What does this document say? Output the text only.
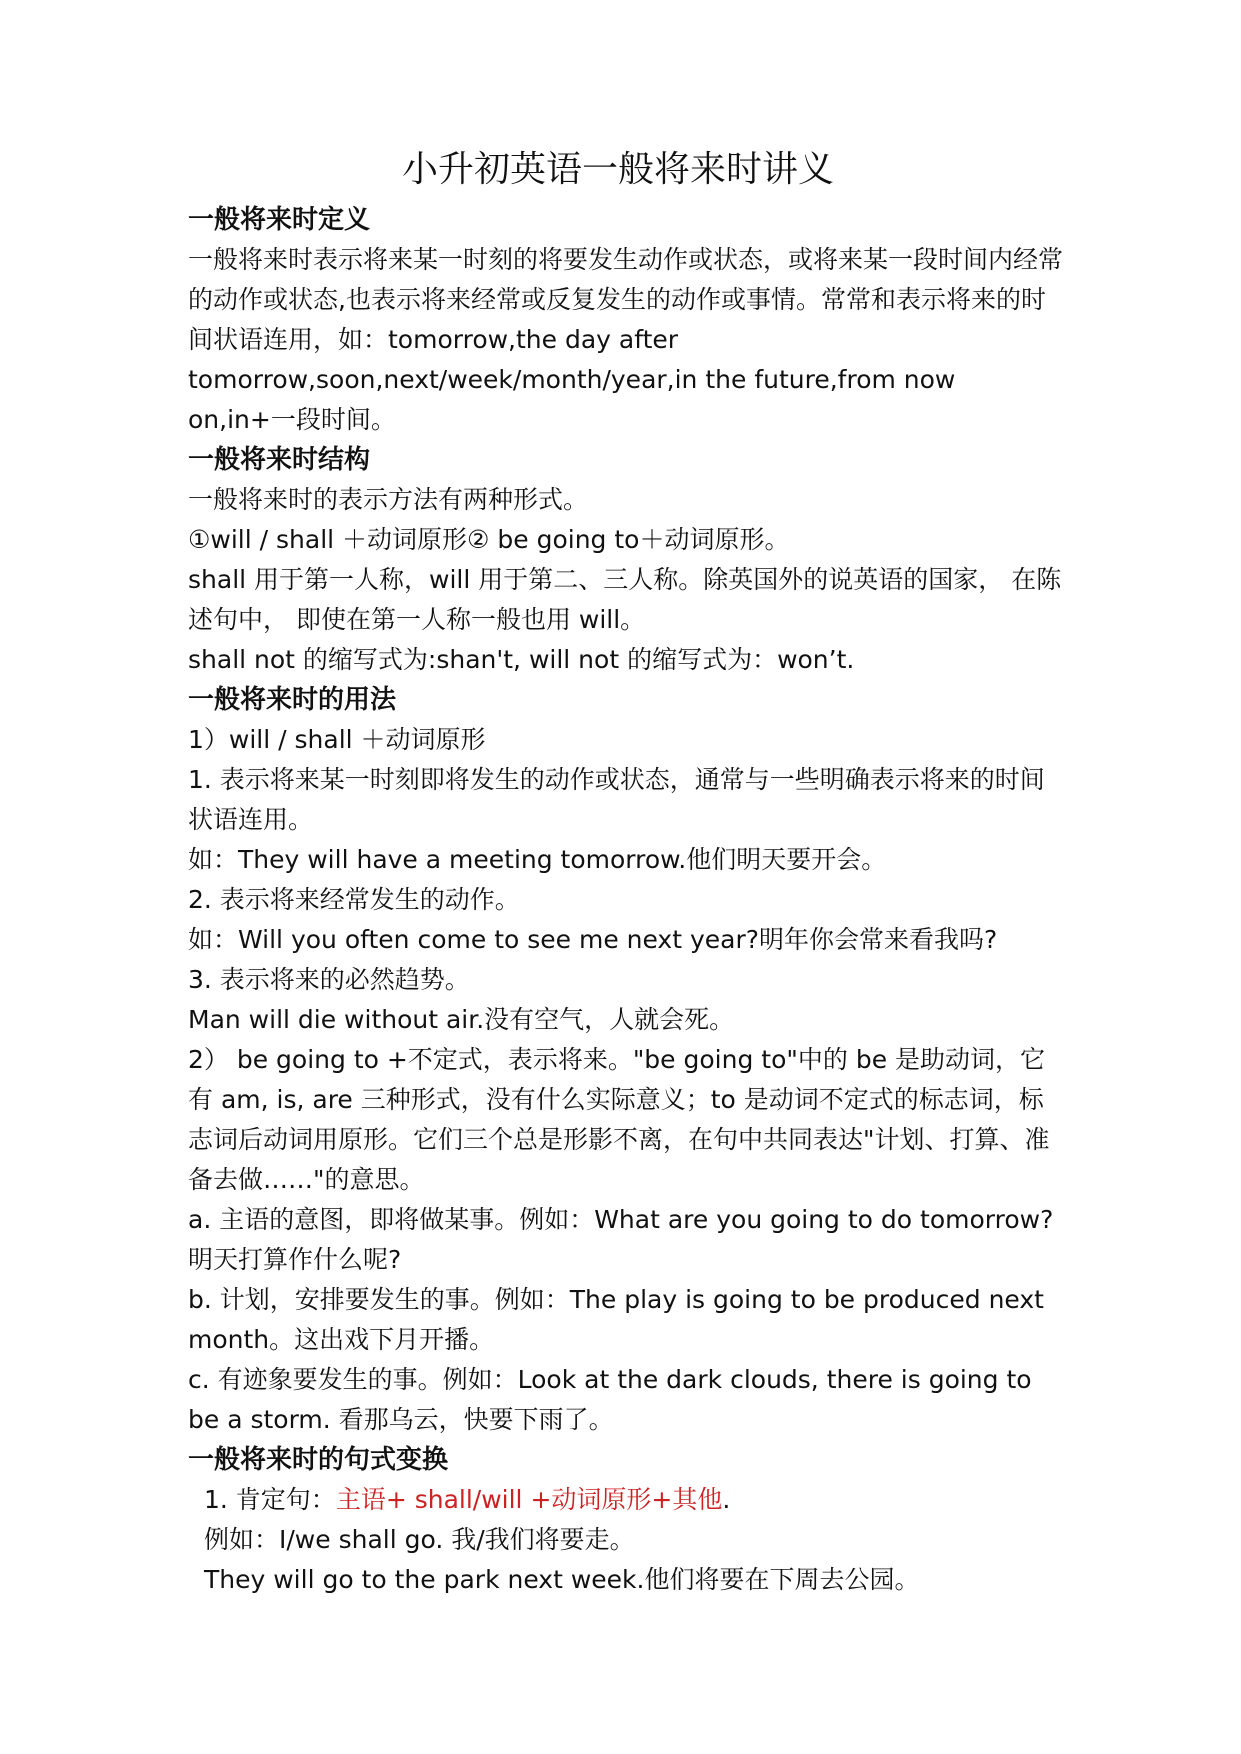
小升初英语一般将来时讲义
一般将来时定义

一般将来时表示将来某一时刻的将要发生动作或状态，或将来某一段时间内经常的动作或状态,也表示将来经常或反复发生的动作或事情。常常和表示将来的时间状语连用，如：tomorrow,the day after tomorrow,soon,next/week/month/year,in the future,from now on,in+一段时间。

一般将来时结构

一般将来时的表示方法有两种形式。

①will / shall ＋动词原形② be going to＋动词原形。

shall 用于第一人称，will 用于第二、三人称。除英国外的说英语的国家， 在陈述句中， 即使在第一人称一般也用 will。

shall not 的缩写式为:shan't, will not 的缩写式为：won’t.

一般将来时的用法

1）will / shall ＋动词原形

1. 表示将来某一时刻即将发生的动作或状态，通常与一些明确表示将来的时间状语连用。

如：They will have a meeting tomorrow.他们明天要开会。

2. 表示将来经常发生的动作。

如：Will you often come to see me next year?明年你会常来看我吗?

3. 表示将来的必然趋势。

Man will die without air.没有空气，人就会死。

2） be going to +不定式，表示将来。"be going to"中的 be 是助动词，它有 am, is, are 三种形式，没有什么实际意义；to 是动词不定式的标志词，标志词后动词用原形。它们三个总是形影不离，在句中共同表达"计划、打算、准备去做……"的意思。

a. 主语的意图，即将做某事。例如：What are you going to do tomorrow? 明天打算作什么呢?

b. 计划，安排要发生的事。例如：The play is going to be produced next month。这出戏下月开播。

c. 有迹象要发生的事。例如：Look at the dark clouds, there is going to be a storm. 看那乌云，快要下雨了。

一般将来时的句式变换

1. 肯定句：主语+ shall/will +动词原形+其他.

例如：I/we shall go. 我/我们将要走。

They will go to the park next week.他们将要在下周去公园。
